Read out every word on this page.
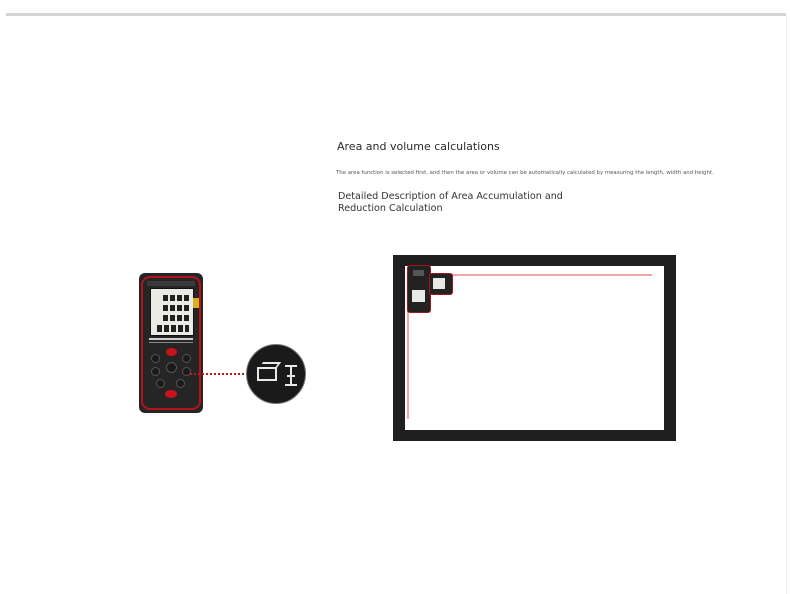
Area and volume calculations
The area function is selected first, and then the area or volume can be automatically calculated by measuring the length, width and height.
Detailed Description of Area Accumulation and Reduction Calculation
